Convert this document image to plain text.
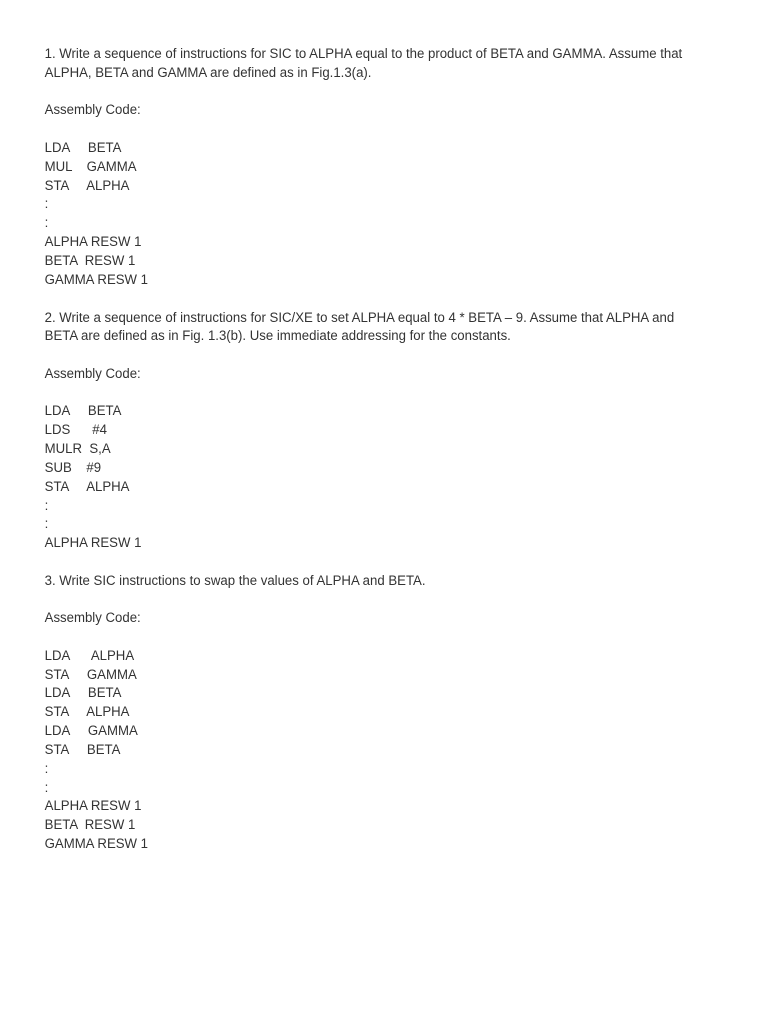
1. Write a sequence of instructions for SIC to ALPHA equal to the product of BETA and GAMMA. Assume that
ALPHA, BETA and GAMMA are defined as in Fig.1.3(a).
Assembly Code:
LDA     BETA
MUL    GAMMA
STA     ALPHA
:
:
ALPHA RESW 1
BETA  RESW 1
GAMMA RESW 1
2. Write a sequence of instructions for SIC/XE to set ALPHA equal to 4 * BETA – 9. Assume that ALPHA and
BETA are defined as in Fig. 1.3(b). Use immediate addressing for the constants.
Assembly Code:
LDA     BETA
LDS      #4
MULR  S,A
SUB    #9
STA     ALPHA
:
:
ALPHA RESW 1
3. Write SIC instructions to swap the values of ALPHA and BETA.
Assembly Code:
LDA      ALPHA
STA     GAMMA
LDA     BETA
STA     ALPHA
LDA     GAMMA
STA     BETA
:
:
ALPHA RESW 1
BETA  RESW 1
GAMMA RESW 1
